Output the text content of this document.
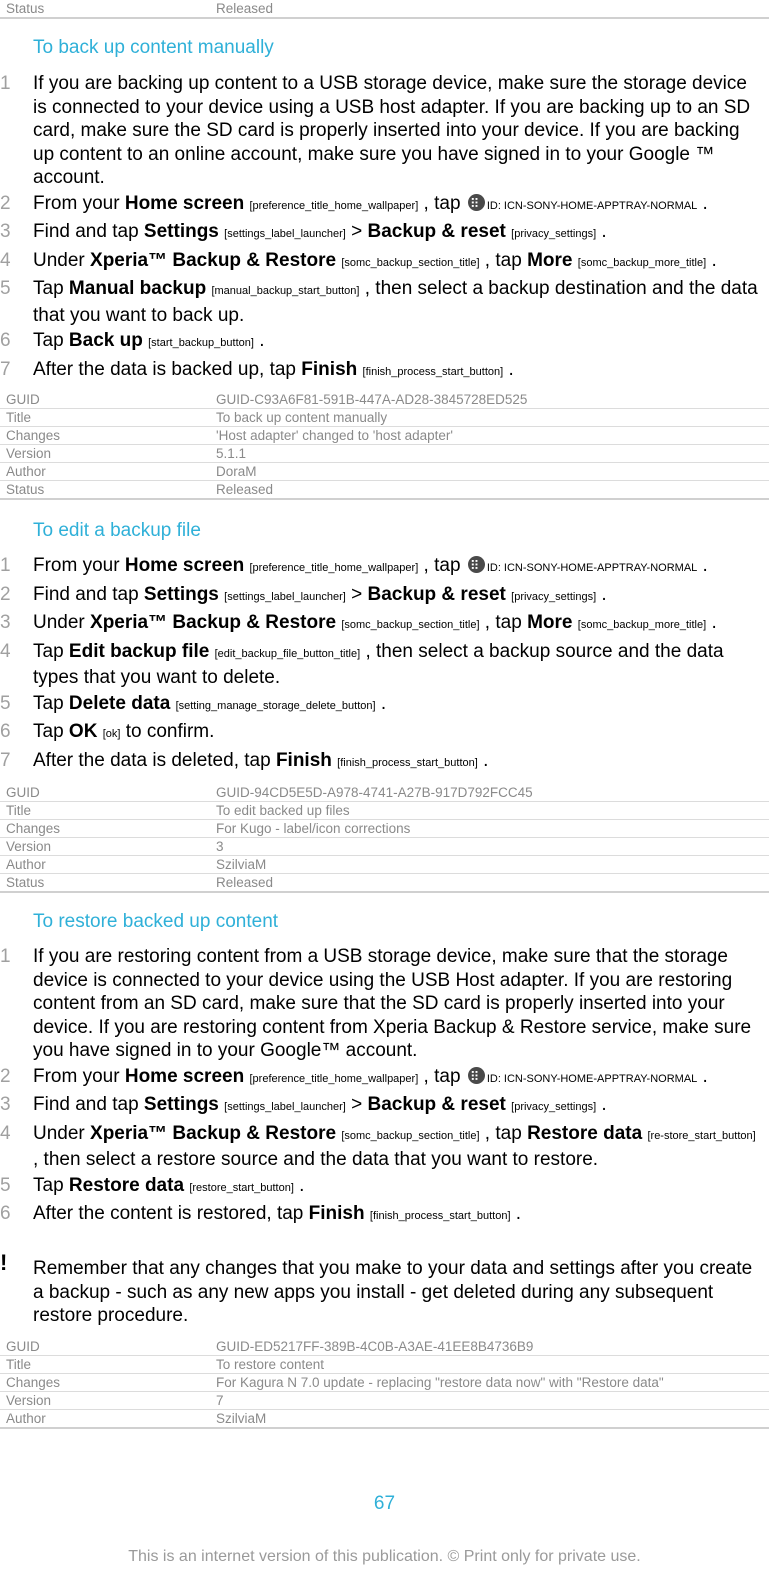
Status	Released
To back up content manually
1 If you are backing up content to a USB storage device, make sure the storage device is connected to your device using a USB host adapter. If you are backing up to an SD card, make sure the SD card is properly inserted into your device. If you are backing up content to an online account, make sure you have signed in to your Google ™ account.
2 From your Home screen [preference_title_home_wallpaper] , tap ⠿ ID: ICN-SONY-HOME-APPTRAY-NORMAL .
3 Find and tap Settings [settings_label_launcher] > Backup & reset [privacy_settings] .
4 Under Xperia™ Backup & Restore [somc_backup_section_title] , tap More [somc_backup_more_title] .
5 Tap Manual backup [manual_backup_start_button] , then select a backup destination and the data that you want to back up.
6 Tap Back up [start_backup_button] .
7 After the data is backed up, tap Finish [finish_process_start_button] .
GUID	GUID-C93A6F81-591B-447A-AD28-3845728ED525
Title	To back up content manually
Changes	'Host adapter' changed to 'host adapter'
Version	5.1.1
Author	DoraM
Status	Released
To edit a backup file
1 From your Home screen [preference_title_home_wallpaper] , tap ⠿ ID: ICN-SONY-HOME-APPTRAY-NORMAL .
2 Find and tap Settings [settings_label_launcher] > Backup & reset [privacy_settings] .
3 Under Xperia™ Backup & Restore [somc_backup_section_title] , tap More [somc_backup_more_title] .
4 Tap Edit backup file [edit_backup_file_button_title] , then select a backup source and the data types that you want to delete.
5 Tap Delete data [setting_manage_storage_delete_button] .
6 Tap OK [ok] to confirm.
7 After the data is deleted, tap Finish [finish_process_start_button] .
GUID	GUID-94CD5E5D-A978-4741-A27B-917D792FCC45
Title	To edit backed up files
Changes	For Kugo - label/icon corrections
Version	3
Author	SzilviaM
Status	Released
To restore backed up content
1 If you are restoring content from a USB storage device, make sure that the storage device is connected to your device using the USB Host adapter. If you are restoring content from an SD card, make sure that the SD card is properly inserted into your device. If you are restoring content from Xperia Backup & Restore service, make sure you have signed in to your Google™ account.
2 From your Home screen [preference_title_home_wallpaper] , tap ⠿ ID: ICN-SONY-HOME-APPTRAY-NORMAL .
3 Find and tap Settings [settings_label_launcher] > Backup & reset [privacy_settings] .
4 Under Xperia™ Backup & Restore [somc_backup_section_title] , tap Restore data [re-store_start_button] , then select a restore source and the data that you want to restore.
5 Tap Restore data [restore_start_button] .
6 After the content is restored, tap Finish [finish_process_start_button] .
! Remember that any changes that you make to your data and settings after you create a backup - such as any new apps you install - get deleted during any subsequent restore procedure.
GUID	GUID-ED5217FF-389B-4C0B-A3AE-41EE8B4736B9
Title	To restore content
Changes	For Kagura N 7.0 update - replacing "restore data now" with "Restore data"
Version	7
Author	SzilviaM
67
This is an internet version of this publication. © Print only for private use.
